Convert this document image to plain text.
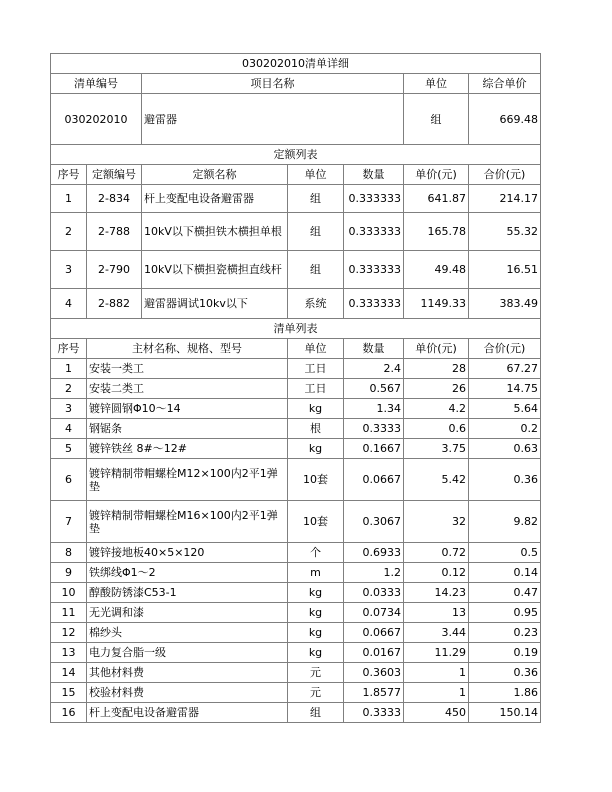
030202010清单详细						
清单编号		项目名称			单位	综合单价
030202010		避雷器			组	669.48
定额列表						
序号	定额编号	定额名称	单位	数量	单价(元)	合价(元)
1	2-834	杆上变配电设备避雷器	组	0.333333	641.87	214.17
2	2-788	10kV以下横担铁木横担单根	组	0.333333	165.78	55.32
3	2-790	10kV以下横担瓷横担直线杆	组	0.333333	49.48	16.51
4	2-882	避雷器调试10kv以下	系统	0.333333	1149.33	383.49
清单列表						
序号	主材名称、规格、型号		单位	数量	单价(元)	合价(元)
1	安装一类工		工日	2.4	28	67.27
2	安装二类工		工日	0.567	26	14.75
3	镀锌圆钢Φ10～14		kg	1.34	4.2	5.64
4	钢锯条		根	0.3333	0.6	0.2
5	镀锌铁丝 8#～12#		kg	0.1667	3.75	0.63
6	镀锌精制带帽螺栓M12×100内2平1弹垫		10套	0.0667	5.42	0.36
7	镀锌精制带帽螺栓M16×100内2平1弹垫		10套	0.3067	32	9.82
8	镀锌接地板40×5×120		个	0.6933	0.72	0.5
9	铁绑线Φ1～2		m	1.2	0.12	0.14
10	醇酸防锈漆C53-1		kg	0.0333	14.23	0.47
11	无光调和漆		kg	0.0734	13	0.95
12	棉纱头		kg	0.0667	3.44	0.23
13	电力复合脂一级		kg	0.0167	11.29	0.19
14	其他材料费		元	0.3603	1	0.36
15	校验材料费		元	1.8577	1	1.86
16	杆上变配电设备避雷器		组	0.3333	450	150.14
